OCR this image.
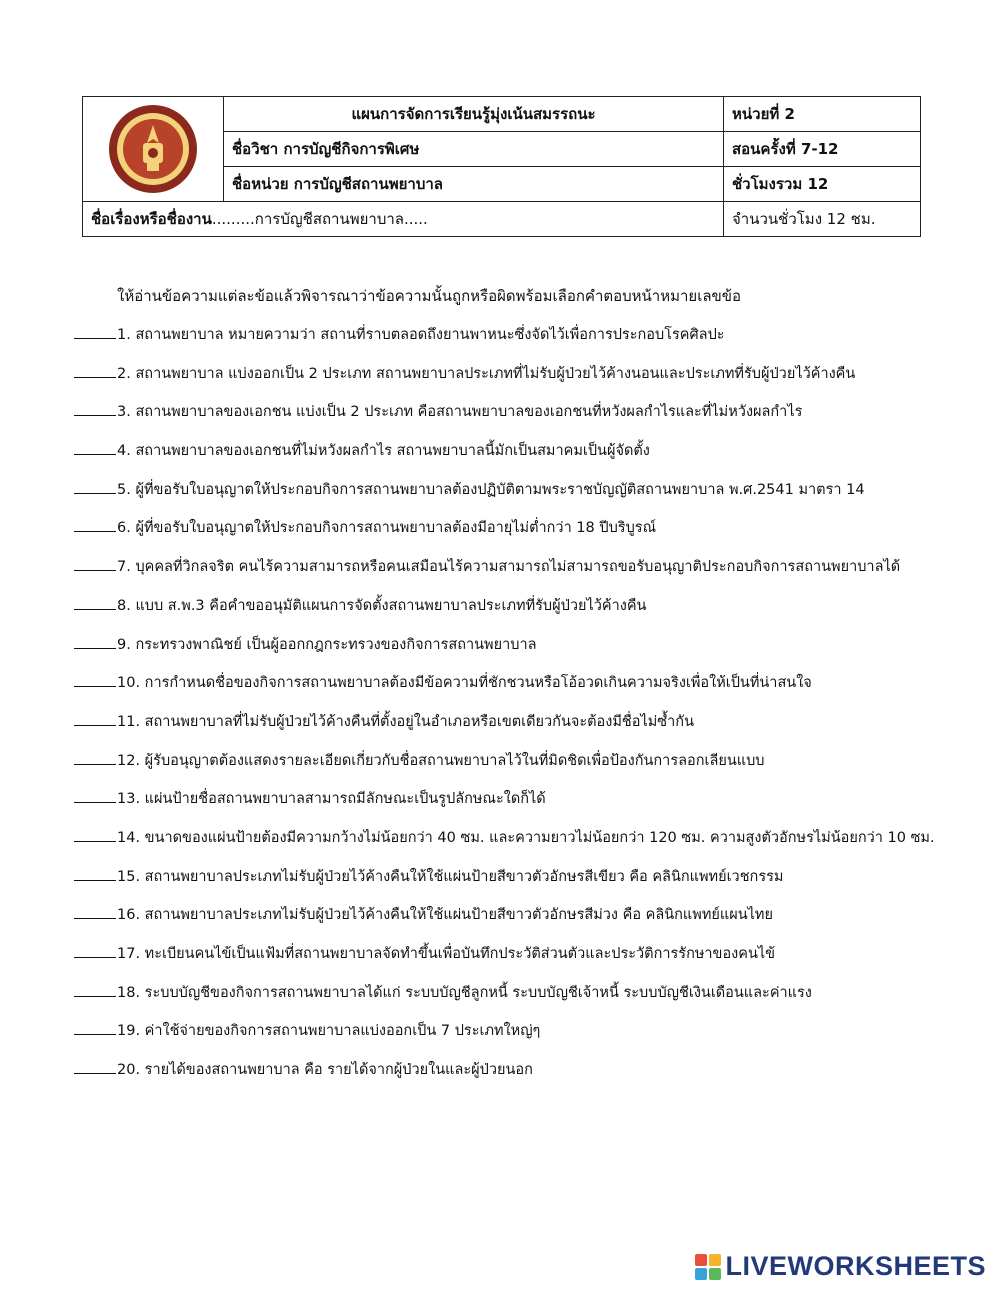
	แผนการจัดการเรียนรู้มุ่งเน้นสมรรถนะ	หน่วยที่ 2
	ชื่อวิชา การบัญชีกิจการพิเศษ	สอนครั้งที่ 7-12
	ชื่อหน่วย การบัญชีสถานพยาบาล	ชั่วโมงรวม 12
ชื่อเรื่องหรือชื่องาน.........การบัญชีสถานพยาบาล.....		จำนวนชั่วโมง 12 ชม.
ให้อ่านข้อความแต่ละข้อแล้วพิจารณาว่าข้อความนั้นถูกหรือผิดพร้อมเลือกคำตอบหน้าหมายเลขข้อ
1. สถานพยาบาล หมายความว่า สถานที่ราบตลอดถึงยานพาหนะซึ่งจัดไว้เพื่อการประกอบโรคศิลปะ
2. สถานพยาบาล แบ่งออกเป็น 2 ประเภท สถานพยาบาลประเภทที่ไม่รับผู้ป่วยไว้ค้างนอนและประเภทที่รับผู้ป่วยไว้ค้างคืน
3. สถานพยาบาลของเอกชน แบ่งเป็น 2 ประเภท คือสถานพยาบาลของเอกชนที่หวังผลกำไรและที่ไม่หวังผลกำไร
4. สถานพยาบาลของเอกชนที่ไม่หวังผลกำไร สถานพยาบาลนี้มักเป็นสมาคมเป็นผู้จัดตั้ง
5. ผู้ที่ขอรับใบอนุญาตให้ประกอบกิจการสถานพยาบาลต้องปฏิบัติตามพระราชบัญญัติสถานพยาบาล พ.ศ.2541 มาตรา 14
6. ผู้ที่ขอรับใบอนุญาตให้ประกอบกิจการสถานพยาบาลต้องมีอายุไม่ต่ำกว่า 18 ปีบริบูรณ์
7. บุคคลที่วิกลจริต คนไร้ความสามารถหรือคนเสมือนไร้ความสามารถไม่สามารถขอรับอนุญาติประกอบกิจการสถานพยาบาลได้
8. แบบ ส.พ.3 คือคำขออนุมัติแผนการจัดตั้งสถานพยาบาลประเภทที่รับผู้ป่วยไว้ค้างคืน
9. กระทรวงพาณิชย์ เป็นผู้ออกกฎกระทรวงของกิจการสถานพยาบาล
10. การกำหนดชื่อของกิจการสถานพยาบาลต้องมีข้อความที่ชักชวนหรือโอ้อวดเกินความจริงเพื่อให้เป็นที่น่าสนใจ
11. สถานพยาบาลที่ไม่รับผู้ป่วยไว้ค้างคืนที่ตั้งอยู่ในอำเภอหรือเขตเดียวกันจะต้องมีชื่อไม่ซ้ำกัน
12. ผู้รับอนุญาตต้องแสดงรายละเอียดเกี่ยวกับชื่อสถานพยาบาลไว้ในที่มิดชิดเพื่อป้องกันการลอกเลียนแบบ
13. แผ่นป้ายชื่อสถานพยาบาลสามารถมีลักษณะเป็นรูปลักษณะใดก็ได้
14. ขนาดของแผ่นป้ายต้องมีความกว้างไม่น้อยกว่า 40 ซม. และความยาวไม่น้อยกว่า 120 ซม. ความสูงตัวอักษรไม่น้อยกว่า 10 ซม.
15. สถานพยาบาลประเภทไม่รับผู้ป่วยไว้ค้างคืนให้ใช้แผ่นป้ายสีขาวตัวอักษรสีเขียว คือ คลินิกแพทย์เวชกรรม
16. สถานพยาบาลประเภทไม่รับผู้ป่วยไว้ค้างคืนให้ใช้แผ่นป้ายสีขาวตัวอักษรสีม่วง คือ คลินิกแพทย์แผนไทย
17. ทะเบียนคนไข้เป็นแฟ้มที่สถานพยาบาลจัดทำขึ้นเพื่อบันทึกประวัติส่วนตัวและประวัติการรักษาของคนไข้
18. ระบบบัญชีของกิจการสถานพยาบาลได้แก่ ระบบบัญชีลูกหนี้ ระบบบัญชีเจ้าหนี้ ระบบบัญชีเงินเดือนและค่าแรง
19. ค่าใช้จ่ายของกิจการสถานพยาบาลแบ่งออกเป็น 7 ประเภทใหญ่ๆ
20. รายได้ของสถานพยาบาล คือ รายได้จากผู้ป่วยในและผู้ป่วยนอก
LIVEWORKSHEETS
